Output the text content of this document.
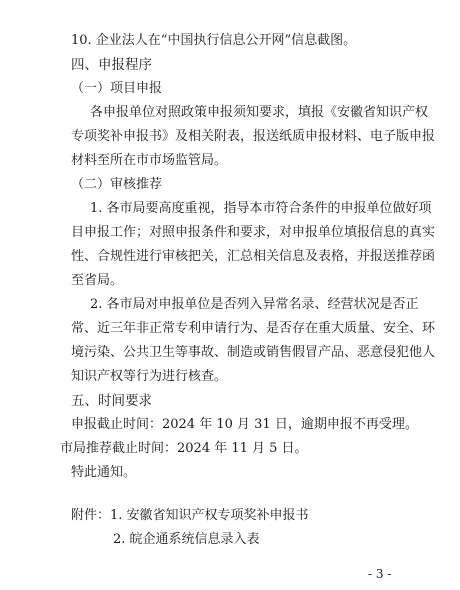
10. 企业法人在“中国执行信息公开网”信息截图。
四、申报程序
（一）项目申报
各申报单位对照政策申报须知要求，填报《安徽省知识产权
专项奖补申报书》及相关附表，报送纸质申报材料、电子版申报
材料至所在市市场监管局。
（二）审核推荐
1. 各市局要高度重视，指导本市符合条件的申报单位做好项
目申报工作；对照申报条件和要求，对申报单位填报信息的真实
性、合规性进行审核把关，汇总相关信息及表格，并报送推荐函
至省局。
2. 各市局对申报单位是否列入异常名录、经营状况是否正
常、近三年非正常专利申请行为、是否存在重大质量、安全、环
境污染、公共卫生等事故、制造或销售假冒产品、恶意侵犯他人
知识产权等行为进行核查。
五、时间要求
申报截止时间：2024 年 10 月 31 日，逾期申报不再受理。
市局推荐截止时间：2024 年 11 月 5 日。
特此通知。
附件：1. 安徽省知识产权专项奖补申报书
2. 皖企通系统信息录入表
- 3 -
